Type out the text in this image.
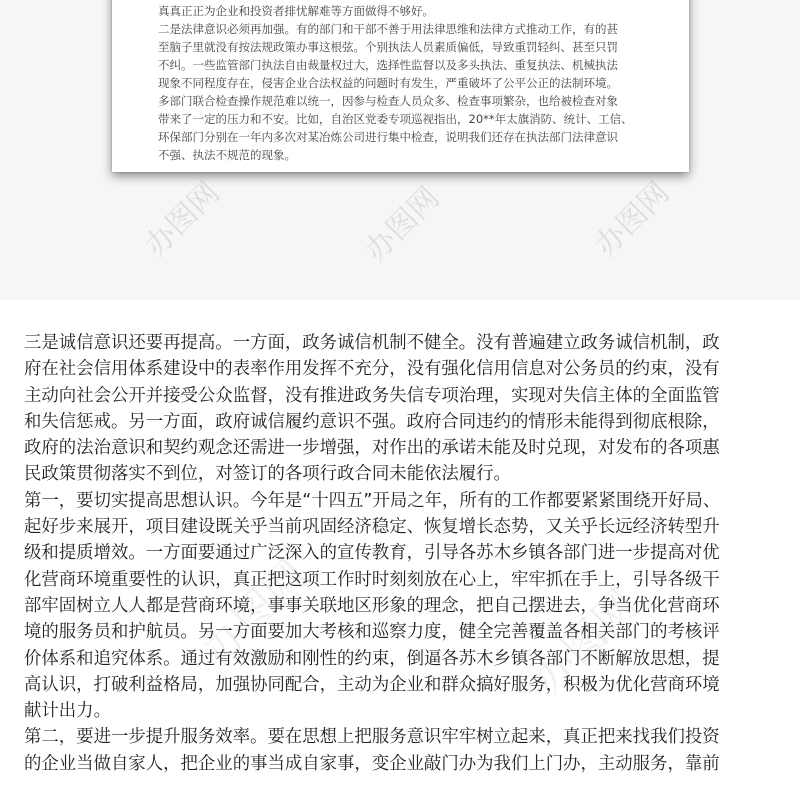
真真正正为企业和投资者排忧解难等方面做得不够好。
二是法律意识必须再加强。有的部门和干部不善于用法律思维和法律方式推动工作，有的甚
至脑子里就没有按法规政策办事这根弦。个别执法人员素质偏低，导致重罚轻纠、甚至只罚
不纠。一些监管部门执法自由裁量权过大，选择性监督以及多头执法、重复执法、机械执法
现象不同程度存在，侵害企业合法权益的问题时有发生，严重破坏了公平公正的法制环境。
多部门联合检查操作规范难以统一，因参与检查人员众多、检查事项繁杂，也给被检查对象
带来了一定的压力和不安。比如，自治区党委专项巡视指出，20**年太旗消防、统计、工信、
环保部门分别在一年内多次对某冶炼公司进行集中检查，说明我们还存在执法部门法律意识
不强、执法不规范的现象。
办图网	办图网	办图网
办图网	办图网
三是诚信意识还要再提高。一方面，政务诚信机制不健全。没有普遍建立政务诚信机制，政
府在社会信用体系建设中的表率作用发挥不充分，没有强化信用信息对公务员的约束，没有
主动向社会公开并接受公众监督，没有推进政务失信专项治理，实现对失信主体的全面监管
和失信惩戒。另一方面，政府诚信履约意识不强。政府合同违约的情形未能得到彻底根除，
政府的法治意识和契约观念还需进一步增强，对作出的承诺未能及时兑现，对发布的各项惠
民政策贯彻落实不到位，对签订的各项行政合同未能依法履行。
第一，要切实提高思想认识。今年是“十四五”开局之年，所有的工作都要紧紧围绕开好局、
起好步来展开，项目建设既关乎当前巩固经济稳定、恢复增长态势，又关乎长远经济转型升
级和提质增效。一方面要通过广泛深入的宣传教育，引导各苏木乡镇各部门进一步提高对优
化营商环境重要性的认识，真正把这项工作时时刻刻放在心上，牢牢抓在手上，引导各级干
部牢固树立人人都是营商环境，事事关联地区形象的理念，把自己摆进去，争当优化营商环
境的服务员和护航员。另一方面要加大考核和巡察力度，健全完善覆盖各相关部门的考核评
价体系和追究体系。通过有效激励和刚性的约束，倒逼各苏木乡镇各部门不断解放思想，提
高认识，打破利益格局，加强协同配合，主动为企业和群众搞好服务，积极为优化营商环境
献计出力。
第二，要进一步提升服务效率。要在思想上把服务意识牢牢树立起来，真正把来找我们投资
的企业当做自家人，把企业的事当成自家事，变企业敲门办为我们上门办，主动服务，靠前
